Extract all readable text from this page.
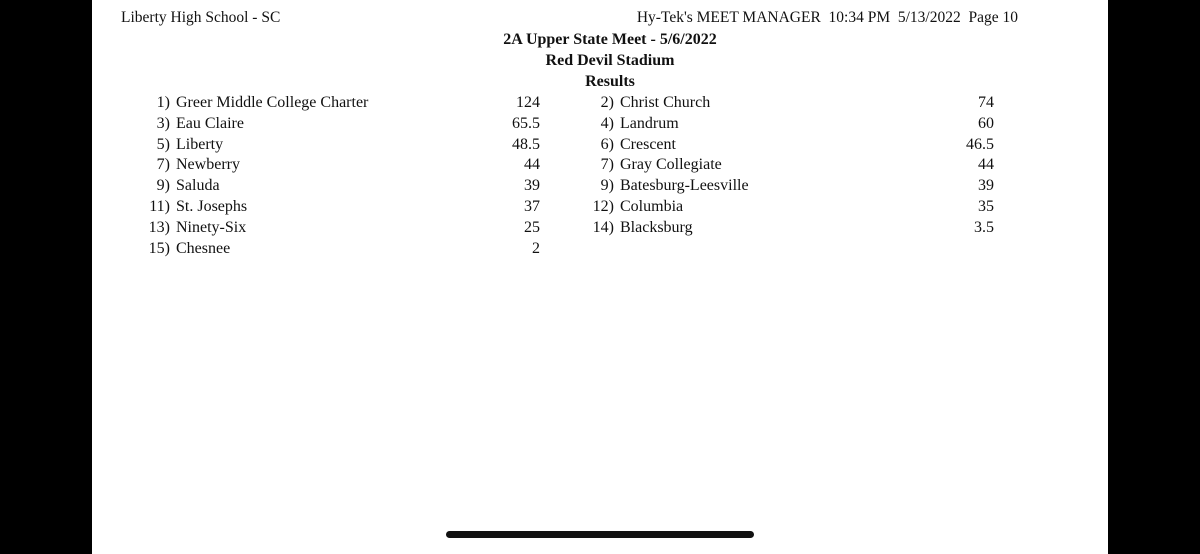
Liberty High School - SC	Hy-Tek's MEET MANAGER  10:34 PM  5/13/2022  Page 10
2A Upper State Meet - 5/6/2022
Red Devil Stadium
Results
1) Greer Middle College Charter	124
3) Eau Claire	65.5
5) Liberty	48.5
7) Newberry	44
9) Saluda	39
11) St. Josephs	37
13) Ninety-Six	25
15) Chesnee	2
2) Christ Church	74
4) Landrum	60
6) Crescent	46.5
7) Gray Collegiate	44
9) Batesburg-Leesville	39
12) Columbia	35
14) Blacksburg	3.5
